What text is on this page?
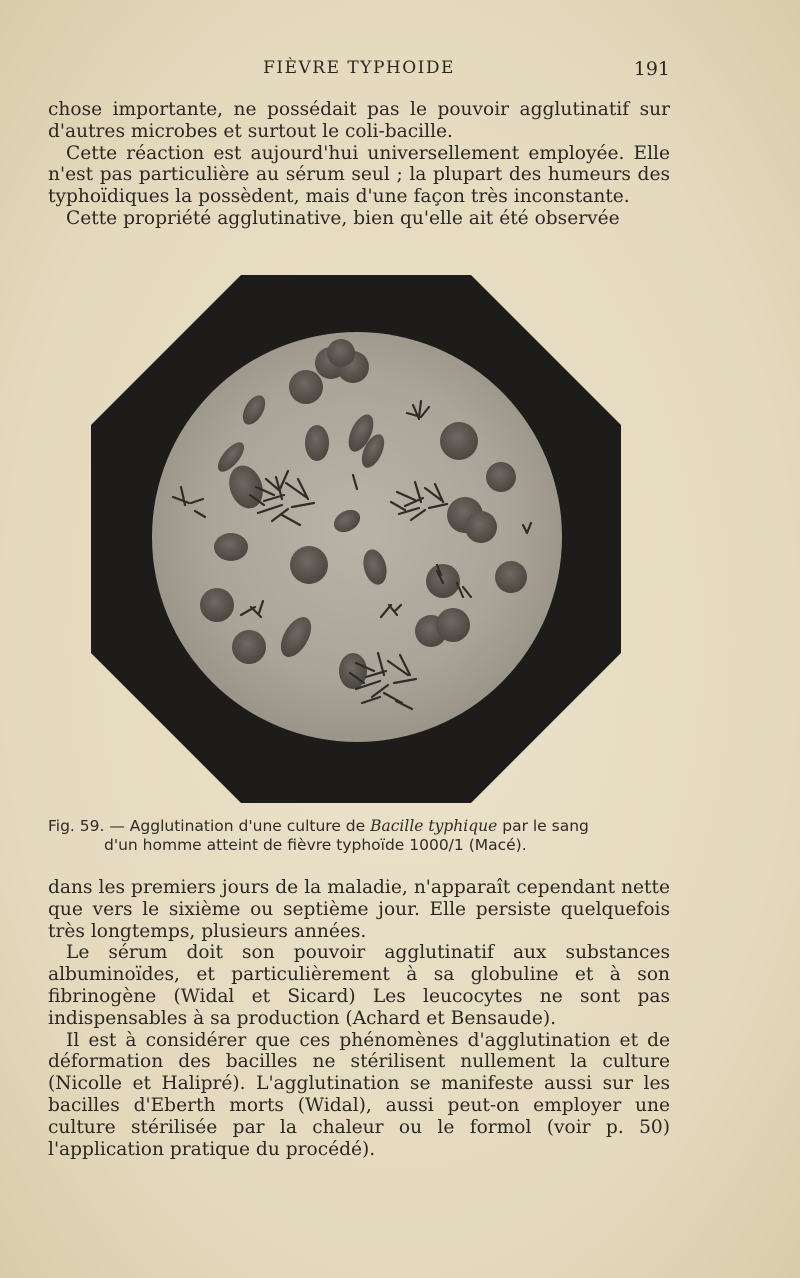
FIÈVRE TYPHOIDE	191

chose importante, ne possédait pas le pouvoir agglutinatif sur d'autres microbes et surtout le coli-bacille.

Cette réaction est aujourd'hui universellement employée. Elle n'est pas particulière au sérum seul ; la plupart des humeurs des typhoïdiques la possèdent, mais d'une façon très inconstante.

Cette propriété agglutinative, bien qu'elle ait été observée

Fig. 59. — Agglutination d'une culture de Bacille typhique par le sang
d'un homme atteint de fièvre typhoïde 1000/1 (Macé).

dans les premiers jours de la maladie, n'apparaît cependant nette que vers le sixième ou septième jour. Elle persiste quelquefois très longtemps, plusieurs années.

Le sérum doit son pouvoir agglutinatif aux substances albuminoïdes, et particulièrement à sa globuline et à son fibrinogène (Widal et Sicard) Les leucocytes ne sont pas indispensables à sa production (Achard et Bensaude).

Il est à considérer que ces phénomènes d'agglutination et de déformation des bacilles ne stérilisent nullement la culture (Nicolle et Halipré). L'agglutination se manifeste aussi sur les bacilles d'Eberth morts (Widal), aussi peut-on employer une culture stérilisée par la chaleur ou le formol (voir p. 50) l'application pratique du procédé).
